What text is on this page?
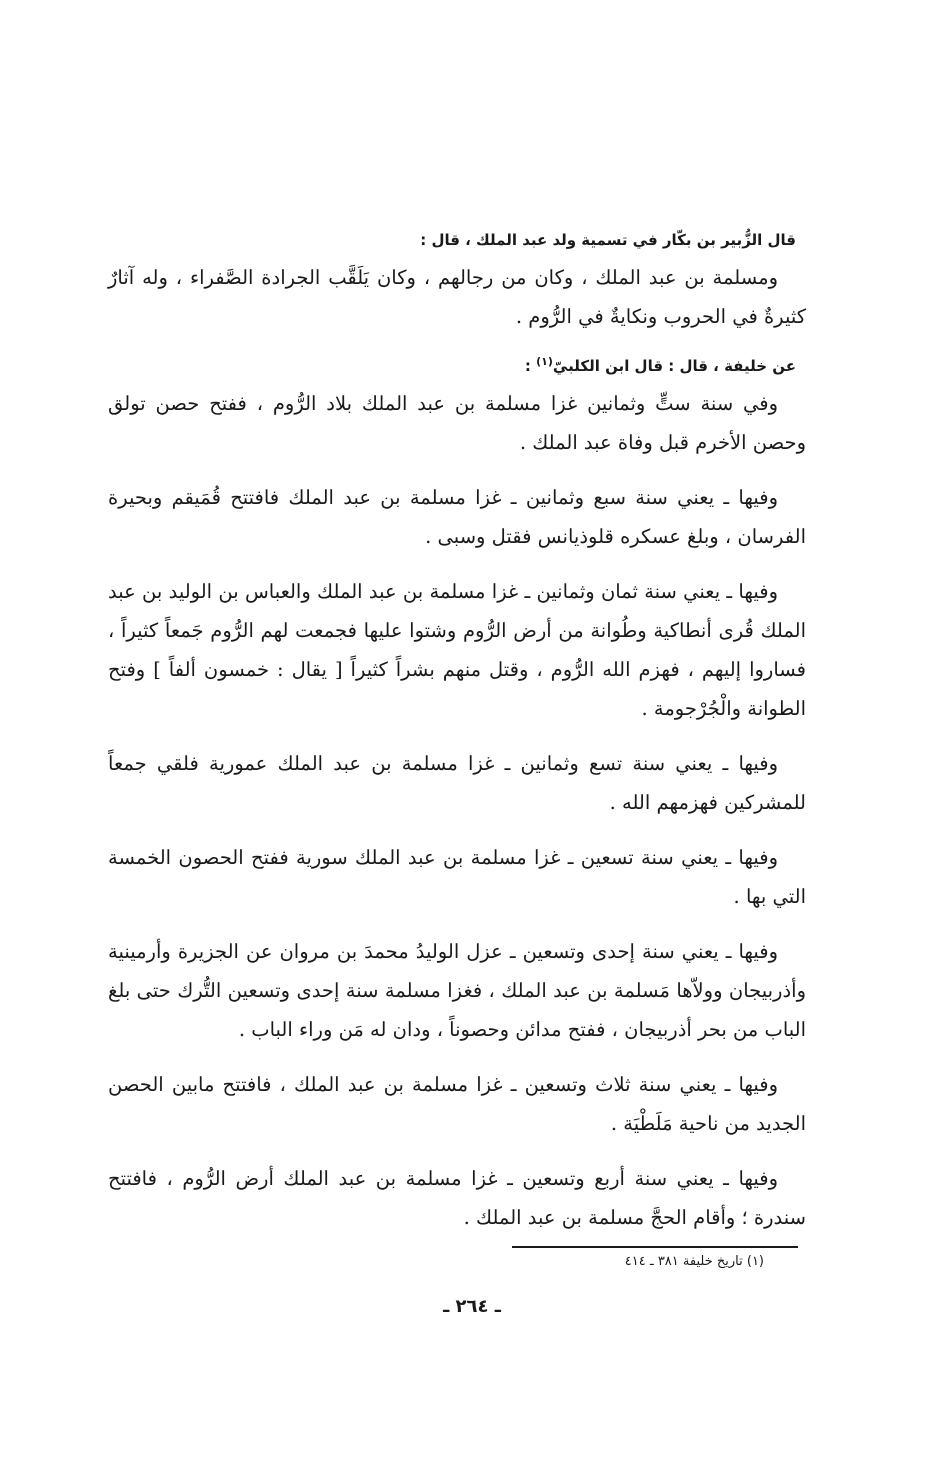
قال الزُّبير بن بكّار في تسمية ولد عبد الملك ، قال :

ومسلمة بن عبد الملك ، وكان من رجالهم ، وكان يَلَقَّب الجرادة الصَّفراء ، وله آثارٌ كثيرةٌ في الحروب ونكايةٌ في الرُّوم .

عن خليفة ، قال : قال ابن الكلبيّ$^{(١)}$ :

وفي سنة ستٍّ وثمانين غزا مسلمة بن عبد الملك بلاد الرُّوم ، ففتح حصن تولق وحصن الأخرم قبل وفاة عبد الملك .

وفيها ـ يعني سنة سبع وثمانين ـ غزا مسلمة بن عبد الملك فافتتح قُمَيقم وبحيرة الفرسان ، وبلغ عسكره قلوذيانس فقتل وسبى .

وفيها ـ يعني سنة ثمان وثمانين ـ غزا مسلمة بن عبد الملك والعباس بن الوليد بن عبد الملك قُرى أنطاكية وطُوانة من أرض الرُّوم وشتوا عليها فجمعت لهم الرُّوم جَمعاً كثيراً ، فساروا إليهم ، فهزم الله الرُّوم ، وقتل منهم بشراً كثيراً [ يقال : خمسون ألفاً ] وفتح الطوانة والْجُرْجومة .

وفيها ـ يعني سنة تسع وثمانين ـ غزا مسلمة بن عبد الملك عمورية فلقي جمعاً للمشركين فهزمهم الله .

وفيها ـ يعني سنة تسعين ـ غزا مسلمة بن عبد الملك سورية ففتح الحصون الخمسة التي بها .

وفيها ـ يعني سنة إحدى وتسعين ـ عزل الوليدُ محمدَ بن مروان عن الجزيرة وأرمينية وأذربيجان وولاّها مَسلمة بن عبد الملك ، فغزا مسلمة سنة إحدى وتسعين التُّرك حتى بلغ الباب من بحر أذربيجان ، ففتح مدائن وحصوناً ، ودان له مَن وراء الباب .

وفيها ـ يعني سنة ثلاث وتسعين ـ غزا مسلمة بن عبد الملك ، فافتتح مابين الحصن الجديد من ناحية مَلَطْيَة .

وفيها ـ يعني سنة أربع وتسعين ـ غزا مسلمة بن عبد الملك أرض الرُّوم ، فافتتح سندرة ؛ وأقام الحجَّ مسلمة بن عبد الملك .

(١) تاريخ خليفة ٣٨١ ـ ٤١٤
ـ ٢٦٤ ـ
